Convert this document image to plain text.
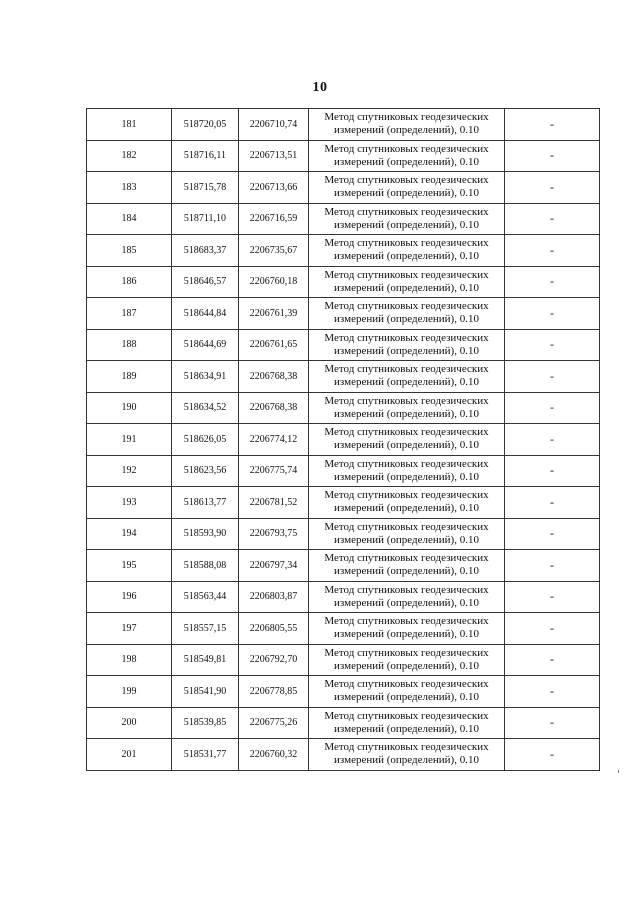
10
181	518720,05	2206710,74	Метод спутниковых геодезических
измерений (определений), 0.10	-
182	518716,11	2206713,51	Метод спутниковых геодезических
измерений (определений), 0.10	-
183	518715,78	2206713,66	Метод спутниковых геодезических
измерений (определений), 0.10	-
184	518711,10	2206716,59	Метод спутниковых геодезических
измерений (определений), 0.10	-
185	518683,37	2206735,67	Метод спутниковых геодезических
измерений (определений), 0.10	-
186	518646,57	2206760,18	Метод спутниковых геодезических
измерений (определений), 0.10	-
187	518644,84	2206761,39	Метод спутниковых геодезических
измерений (определений), 0.10	-
188	518644,69	2206761,65	Метод спутниковых геодезических
измерений (определений), 0.10	-
189	518634,91	2206768,38	Метод спутниковых геодезических
измерений (определений), 0.10	-
190	518634,52	2206768,38	Метод спутниковых геодезических
измерений (определений), 0.10	-
191	518626,05	2206774,12	Метод спутниковых геодезических
измерений (определений), 0.10	-
192	518623,56	2206775,74	Метод спутниковых геодезических
измерений (определений), 0.10	-
193	518613,77	2206781,52	Метод спутниковых геодезических
измерений (определений), 0.10	-
194	518593,90	2206793,75	Метод спутниковых геодезических
измерений (определений), 0.10	-
195	518588,08	2206797,34	Метод спутниковых геодезических
измерений (определений), 0.10	-
196	518563,44	2206803,87	Метод спутниковых геодезических
измерений (определений), 0.10	-
197	518557,15	2206805,55	Метод спутниковых геодезических
измерений (определений), 0.10	-
198	518549,81	2206792,70	Метод спутниковых геодезических
измерений (определений), 0.10	-
199	518541,90	2206778,85	Метод спутниковых геодезических
измерений (определений), 0.10	-
200	518539,85	2206775,26	Метод спутниковых геодезических
измерений (определений), 0.10	-
201	518531,77	2206760,32	Метод спутниковых геодезических
измерений (определений), 0.10	-
